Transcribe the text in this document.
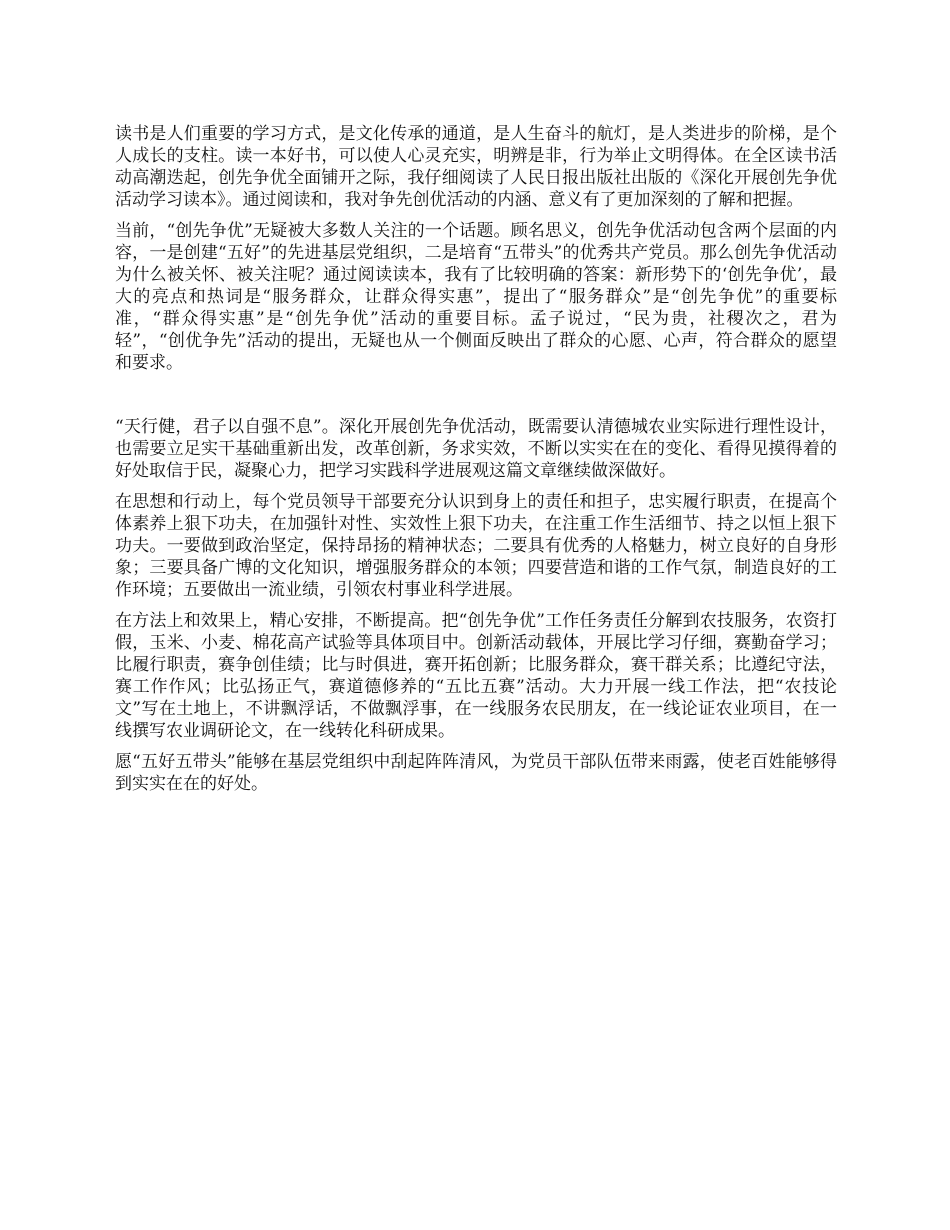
读书是人们重要的学习方式，是文化传承的通道，是人生奋斗的航灯，是人类进步的阶梯，是个人成长的支柱。读一本好书，可以使人心灵充实，明辨是非，行为举止文明得体。在全区读书活动高潮迭起，创先争优全面铺开之际，我仔细阅读了人民日报出版社出版的《深化开展创先争优活动学习读本》。通过阅读和，我对争先创优活动的内涵、意义有了更加深刻的了解和把握。

当前，“创先争优”无疑被大多数人关注的一个话题。顾名思义，创先争优活动包含两个层面的内容，一是创建“五好”的先进基层党组织，二是培育“五带头”的优秀共产党员。那么创先争优活动为什么被关怀、被关注呢？通过阅读读本，我有了比较明确的答案：新形势下的‘创先争优’，最大的亮点和热词是“服务群众，让群众得实惠”，提出了“服务群众”是“创先争优”的重要标准，“群众得实惠”是“创先争优”活动的重要目标。孟子说过，“民为贵，社稷次之，君为轻”，“创优争先”活动的提出，无疑也从一个侧面反映出了群众的心愿、心声，符合群众的愿望和要求。

“天行健，君子以自强不息”。深化开展创先争优活动，既需要认清德城农业实际进行理性设计，也需要立足实干基础重新出发，改革创新，务求实效，不断以实实在在的变化、看得见摸得着的好处取信于民，凝聚心力，把学习实践科学进展观这篇文章继续做深做好。

在思想和行动上，每个党员领导干部要充分认识到身上的责任和担子，忠实履行职责，在提高个体素养上狠下功夫，在加强针对性、实效性上狠下功夫，在注重工作生活细节、持之以恒上狠下功夫。一要做到政治坚定，保持昂扬的精神状态；二要具有优秀的人格魅力，树立良好的自身形象；三要具备广博的文化知识，增强服务群众的本领；四要营造和谐的工作气氛，制造良好的工作环境；五要做出一流业绩，引领农村事业科学进展。

在方法上和效果上，精心安排，不断提高。把“创先争优”工作任务责任分解到农技服务，农资打假，玉米、小麦、棉花高产试验等具体项目中。创新活动载体，开展比学习仔细，赛勤奋学习；比履行职责，赛争创佳绩；比与时俱进，赛开拓创新；比服务群众，赛干群关系；比遵纪守法，赛工作作风；比弘扬正气，赛道德修养的“五比五赛”活动。大力开展一线工作法，把“农技论文”写在土地上，不讲飘浮话，不做飘浮事，在一线服务农民朋友，在一线论证农业项目，在一线撰写农业调研论文，在一线转化科研成果。

愿“五好五带头”能够在基层党组织中刮起阵阵清风，为党员干部队伍带来雨露，使老百姓能够得到实实在在的好处。
